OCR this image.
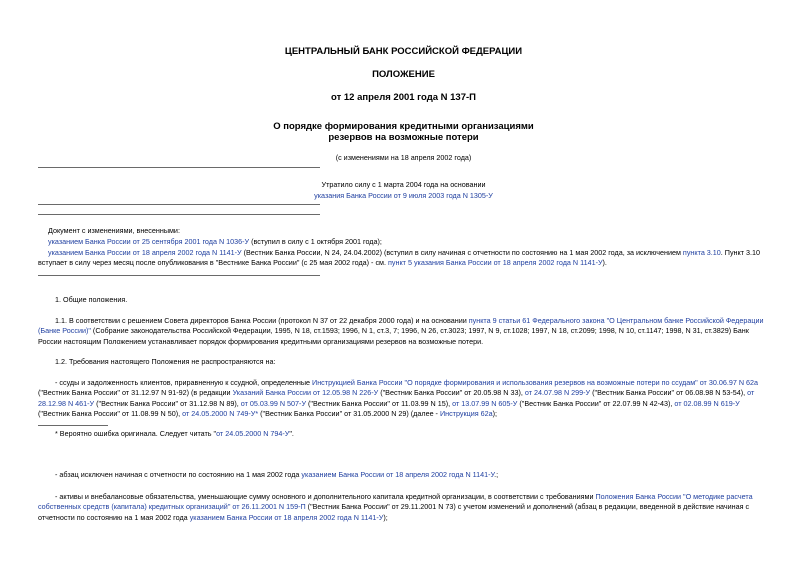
ЦЕНТРАЛЬНЫЙ БАНК РОССИЙСКОЙ ФЕДЕРАЦИИ
ПОЛОЖЕНИЕ
от 12 апреля 2001 года N 137-П
О порядке формирования кредитными организациями
резервов на возможные потери
(с изменениями на 18 апреля 2002 года)
Утратило силу с 1 марта 2004 года на основании
указания Банка России от 9 июля 2003 года N 1305-У
Документ с изменениями, внесенными:
указанием Банка России от 25 сентября 2001 года N 1036-У (вступил в силу с 1 октября 2001 года);
указанием Банка России от 18 апреля 2002 года N 1141-У (Вестник Банка России, N 24, 24.04.2002) (вступил в силу начиная с отчетности по состоянию на 1 мая 2002 года, за исключением пункта 3.10. Пункт 3.10
вступает в силу через месяц после опубликования в "Вестнике Банка России" (с 25 мая 2002 года) - см. пункт 5 указания Банка России от 18 апреля 2002 года N 1141-У).
1. Общие положения.
1.1. В соответствии с решением Совета директоров Банка России (протокол N 37 от 22 декабря 2000 года) и на основании пункта 9 статьи 61 Федерального закона "О Центральном банке Российской Федерации
(Банке России)" (Собрание законодательства Российской Федерации, 1995, N 18, ст.1593; 1996, N 1, ст.3, 7; 1996, N 26, ст.3023; 1997, N 9, ст.1028; 1997, N 18, ст.2099; 1998, N 10, ст.1147; 1998, N 31, ст.3829) Банк
России настоящим Положением устанавливает порядок формирования кредитными организациями резервов на возможные потери.
1.2. Требования настоящего Положения не распространяются на:
- ссуды и задолженность клиентов, приравненную к ссудной, определенные Инструкцией Банка России "О порядке формирования и использования резервов на возможные потери по ссудам" от 30.06.97 N 62а
("Вестник Банка России" от 31.12.97 N 91-92) (в редакции Указаний Банка России от 12.05.98 N 226-У ("Вестник Банка России" от 20.05.98 N 33), от 24.07.98 N 299-У ("Вестник Банка России" от 06.08.98 N 53-54), от
28.12.98 N 461-У ("Вестник Банка России" от 31.12.98 N 89), от 05.03.99 N 507-У ("Вестник Банка России" от 11.03.99 N 15), от 13.07.99 N 605-У ("Вестник Банка России" от 22.07.99 N 42-43), от 02.08.99 N 619-У
("Вестник Банка России" от 11.08.99 N 50), от 24.05.2000 N 749-У* ("Вестник Банка России" от 31.05.2000 N 29) (далее - Инструкция 62а);
* Вероятно ошибка оригинала. Следует читать "от 24.05.2000 N 794-У".
- абзац исключен начиная с отчетности по состоянию на 1 мая 2002 года указанием Банка России от 18 апреля 2002 года N 1141-У.;
- активы и внебалансовые обязательства, уменьшающие сумму основного и дополнительного капитала кредитной организации, в соответствии с требованиями Положения Банка России "О методике расчета
собственных средств (капитала) кредитных организаций" от 26.11.2001 N 159-П ("Вестник Банка России" от 29.11.2001 N 73) с учетом изменений и дополнений (абзац в редакции, введенной в действие начиная с
отчетности по состоянию на 1 мая 2002 года указанием Банка России от 18 апреля 2002 года N 1141-У);
